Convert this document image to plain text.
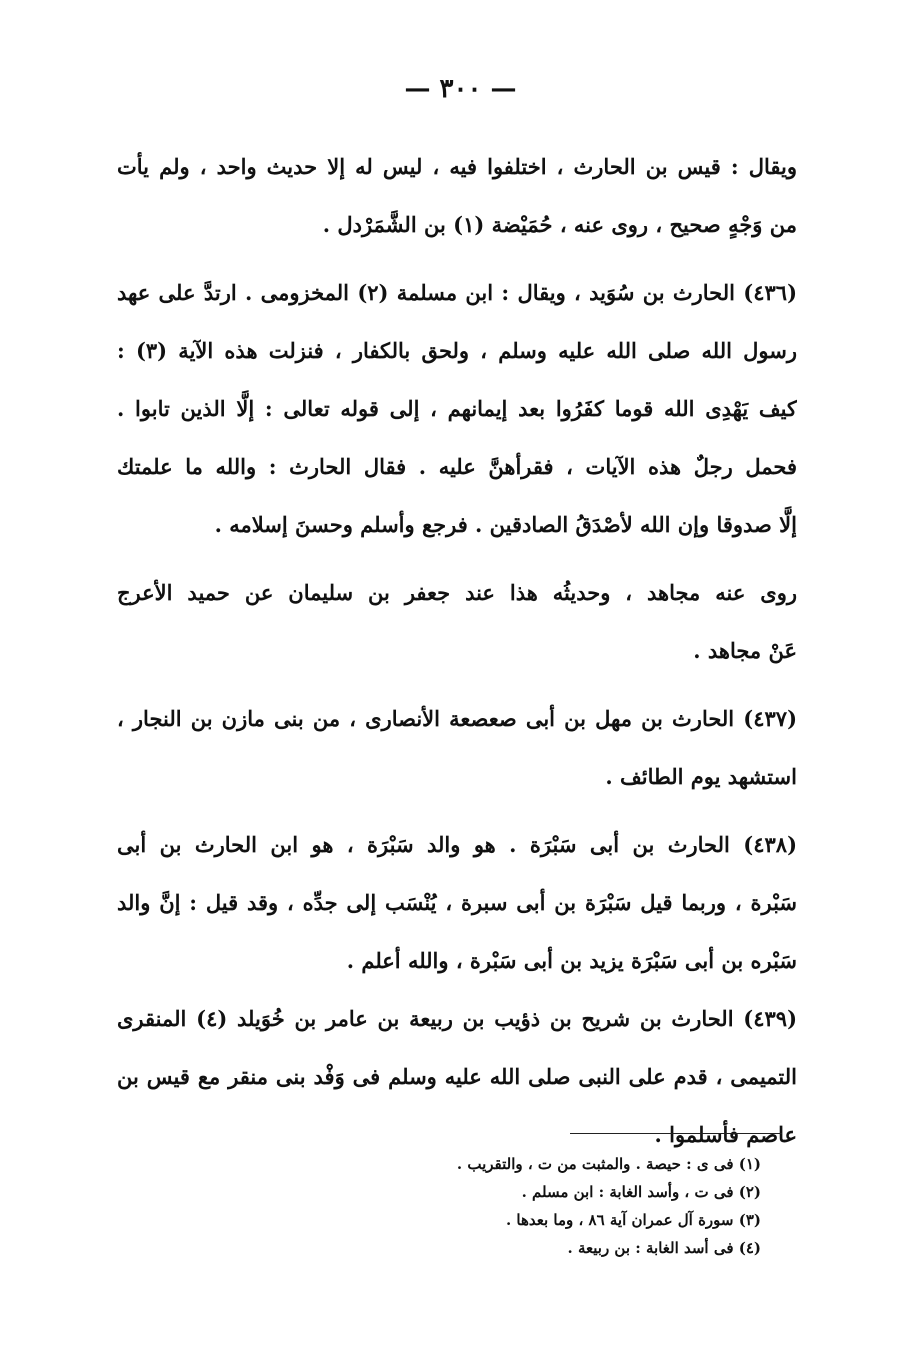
— ٣٠٠ —
ويقال : قيس بن الحارث ، اختلفوا فيه ، ليس له إلا حديث واحد ، ولم يأت
من وَجْهٍ صحيح ، روى عنه ، حُمَيْضة (١) بن الشَّمَرْدل .
(٤٣٦) الحارث بن سُوَيد ، ويقال : ابن مسلمة (٢) المخزومى . ارتدَّ على عهد
رسول الله صلى الله عليه وسلم ، ولحق بالكفار ، فنزلت هذه الآية (٣) :
كيف يَهْدِى الله قوما كفَرُوا بعد إيمانهم ، إلى قوله تعالى : إلَّا الذين تابوا .
فحمل رجلٌ هذه الآيات ، فقرأهنَّ عليه . فقال الحارث : والله ما علمتك
إلَّا صدوقا وإن الله لأصْدَقُ الصادقين . فرجع وأسلم وحسنَ إسلامه .
روى عنه مجاهد ، وحديثُه هذا عند جعفر بن سليمان عن حميد الأعرج
عَنْ مجاهد .
(٤٣٧) الحارث بن مهل بن أبى صعصعة الأنصارى ، من بنى مازن بن النجار ،
استشهد يوم الطائف .
(٤٣٨) الحارث بن أبى سَبْرَة . هو والد سَبْرَة ، هو ابن الحارث بن أبى
سَبْرة ، وربما قيل سَبْرَة بن أبى سبرة ، يُنْسَب إلى جدِّه ، وقد قيل : إنَّ والد
سَبْره بن أبى سَبْرَة يزيد بن أبى سَبْرة ، والله أعلم .
(٤٣٩) الحارث بن شريح بن ذؤيب بن ربيعة بن عامر بن خُوَيلد (٤) المنقرى
التميمى ، قدم على النبى صلى الله عليه وسلم فى وَفْد بنى منقر مع قيس بن
عاصم فأسلموا .
(١) فى ى : حيصة . والمثبت من ت ، والتقريب .
(٢) فى ت ، وأسد الغابة : ابن مسلم .
(٣) سورة آل عمران آية ٨٦ ، وما بعدها .
(٤) فى أسد الغابة : بن ربيعة .
